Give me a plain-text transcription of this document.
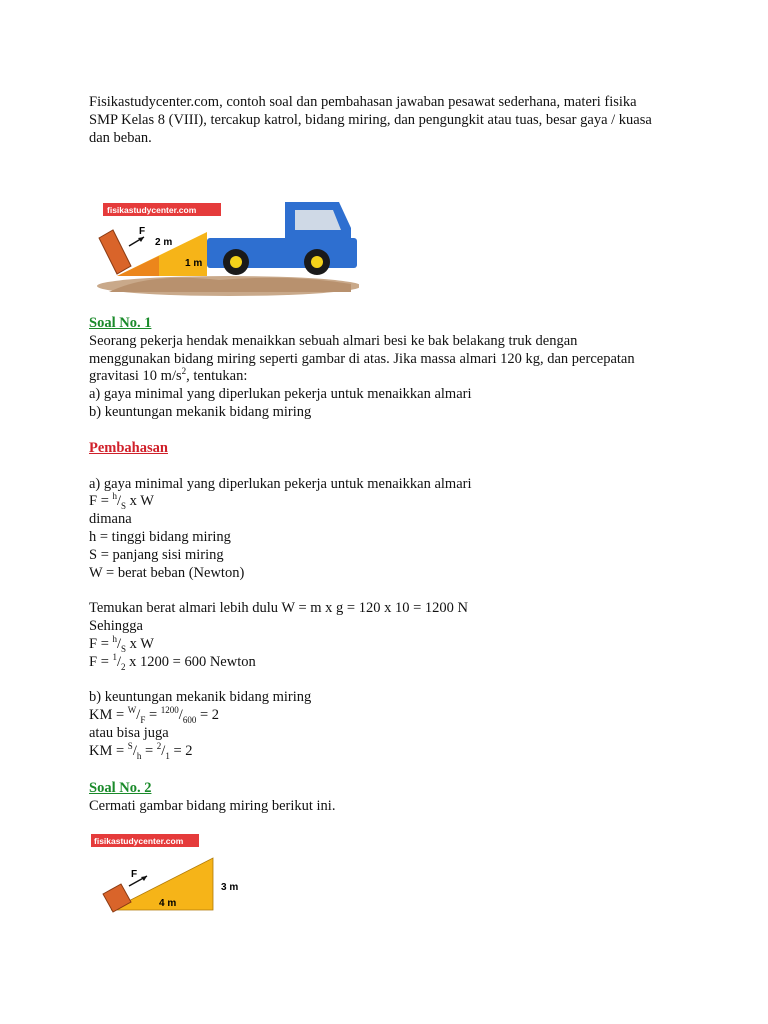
Fisikastudycenter.com, contoh soal dan pembahasan jawaban pesawat sederhana, materi fisika
SMP Kelas 8 (VIII), tercakup katrol, bidang miring, dan pengungkit atau tuas, besar gaya / kuasa
dan beban.

fisikastudycenter.com
F
2 m
1 m
Soal No. 1
Seorang pekerja hendak menaikkan sebuah almari besi ke bak belakang truk dengan
menggunakan bidang miring seperti gambar di atas. Jika massa almari 120 kg, dan percepatan
gravitasi 10 $m/s^2$, tentukan:
a) gaya minimal yang diperlukan pekerja untuk menaikkan almari
b) keuntungan mekanik bidang miring
Pembahasan

a) gaya minimal yang diperlukan pekerja untuk menaikkan almari
$F = ^h/_S$ x W
dimana
h = tinggi bidang miring
S = panjang sisi miring
W = berat beban (Newton)

Temukan berat almari lebih dulu W = m x g = 120 x 10 = 1200 N
Sehingga
$F = ^h/_S$ x W
$F = ^1/_2$ x 1200 = 600 Newton

b) keuntungan mekanik bidang miring
KM = $^W/_F = ^{1200}/_{600} = 2$
atau bisa juga
KM = $^S/_h = ^2/_1 = 2$
Soal No. 2
Cermati gambar bidang miring berikut ini.
fisikastudycenter.com
F
4 m
3 m
